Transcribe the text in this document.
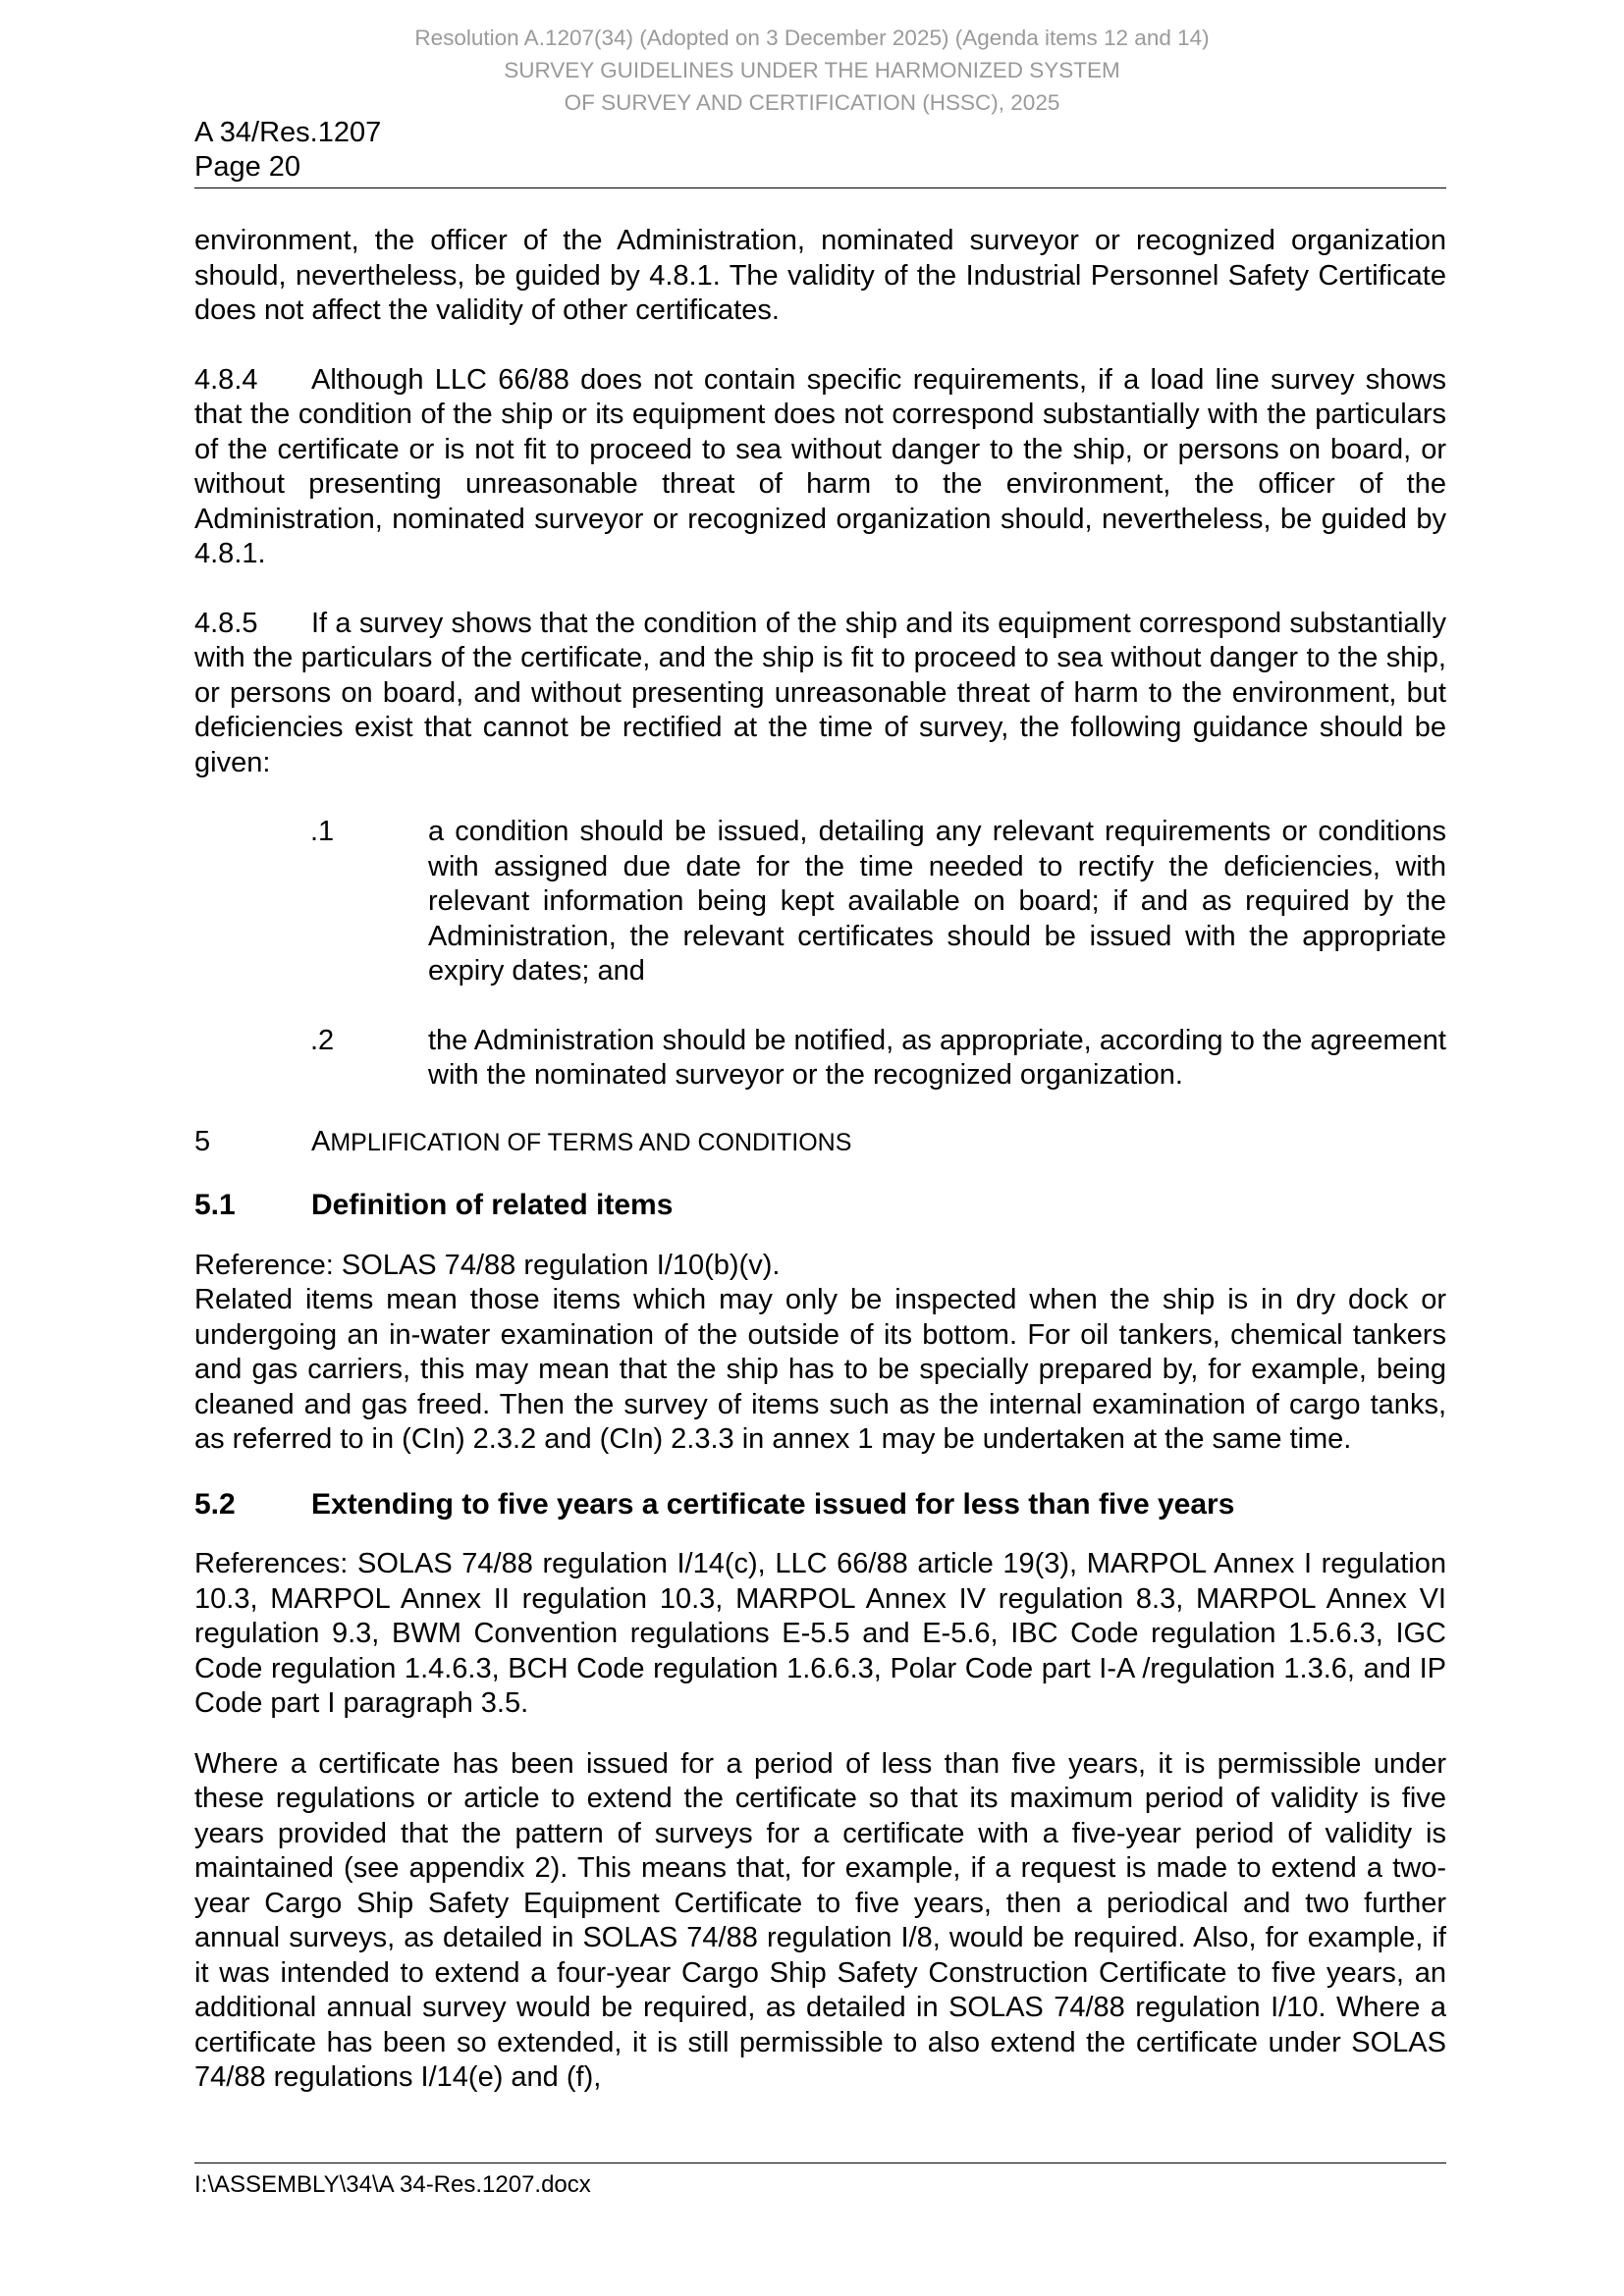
Resolution A.1207(34) (Adopted on 3 December 2025) (Agenda items 12 and 14)
SURVEY GUIDELINES UNDER THE HARMONIZED SYSTEM
OF SURVEY AND CERTIFICATION (HSSC), 2025
A 34/Res.1207
Page 20

environment, the officer of the Administration, nominated surveyor or recognized organization should, nevertheless, be guided by 4.8.1. The validity of the Industrial Personnel Safety Certificate does not affect the validity of other certificates.

4.8.4 Although LLC 66/88 does not contain specific requirements, if a load line survey shows that the condition of the ship or its equipment does not correspond substantially with the particulars of the certificate or is not fit to proceed to sea without danger to the ship, or persons on board, or without presenting unreasonable threat of harm to the environment, the officer of the Administration, nominated surveyor or recognized organization should, nevertheless, be guided by 4.8.1.

4.8.5 If a survey shows that the condition of the ship and its equipment correspond substantially with the particulars of the certificate, and the ship is fit to proceed to sea without danger to the ship, or persons on board, and without presenting unreasonable threat of harm to the environment, but deficiencies exist that cannot be rectified at the time of survey, the following guidance should be given:

.1	a condition should be issued, detailing any relevant requirements or conditions with assigned due date for the time needed to rectify the deficiencies, with relevant information being kept available on board; if and as required by the Administration, the relevant certificates should be issued with the appropriate expiry dates; and

.2	the Administration should be notified, as appropriate, according to the agreement with the nominated surveyor or the recognized organization.

5	AMPLIFICATION OF TERMS AND CONDITIONS
5.1	Definition of related items

Reference: SOLAS 74/88 regulation I/10(b)(v).

Related items mean those items which may only be inspected when the ship is in dry dock or undergoing an in-water examination of the outside of its bottom. For oil tankers, chemical tankers and gas carriers, this may mean that the ship has to be specially prepared by, for example, being cleaned and gas freed. Then the survey of items such as the internal examination of cargo tanks, as referred to in (CIn) 2.3.2 and (CIn) 2.3.3 in annex 1 may be undertaken at the same time.

5.2	Extending to five years a certificate issued for less than five years

References: SOLAS 74/88 regulation I/14(c), LLC 66/88 article 19(3), MARPOL Annex I regulation 10.3, MARPOL Annex II regulation 10.3, MARPOL Annex IV regulation 8.3, MARPOL Annex VI regulation 9.3, BWM Convention regulations E-5.5 and E-5.6, IBC Code regulation 1.5.6.3, IGC Code regulation 1.4.6.3, BCH Code regulation 1.6.6.3, Polar Code part I-A /regulation 1.3.6, and IP Code part I paragraph 3.5.

Where a certificate has been issued for a period of less than five years, it is permissible under these regulations or article to extend the certificate so that its maximum period of validity is five years provided that the pattern of surveys for a certificate with a five-year period of validity is maintained (see appendix 2). This means that, for example, if a request is made to extend a two-year Cargo Ship Safety Equipment Certificate to five years, then a periodical and two further annual surveys, as detailed in SOLAS 74/88 regulation I/8, would be required. Also, for example, if it was intended to extend a four-year Cargo Ship Safety Construction Certificate to five years, an additional annual survey would be required, as detailed in SOLAS 74/88 regulation I/10. Where a certificate has been so extended, it is still permissible to also extend the certificate under SOLAS 74/88 regulations I/14(e) and (f),

I:\ASSEMBLY\34\A 34-Res.1207.docx
